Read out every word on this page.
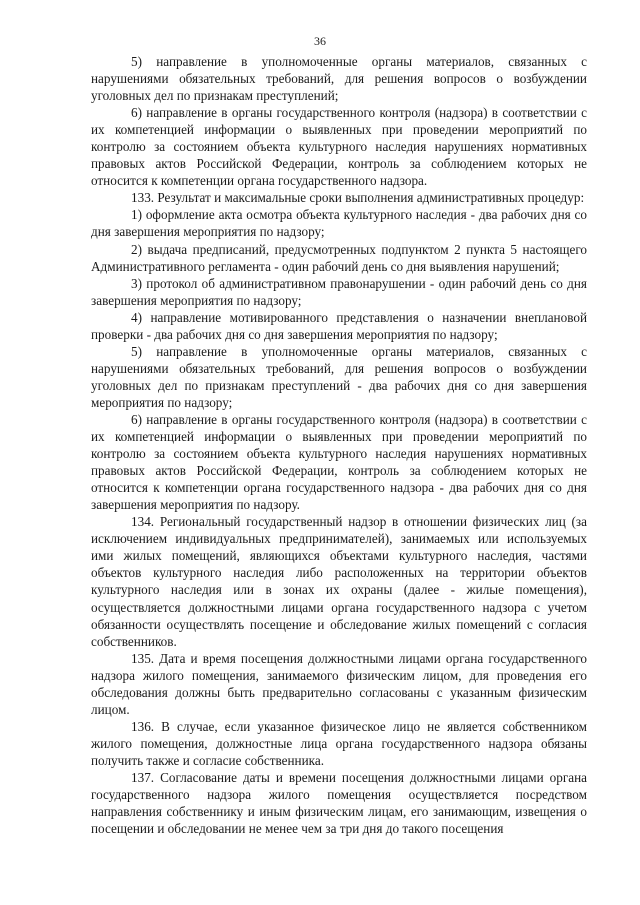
36

5) направление в уполномоченные органы материалов, связанных с нарушениями обязательных требований, для решения вопросов о возбуждении уголовных дел по признакам преступлений;

6) направление в органы государственного контроля (надзора) в соответствии с их компетенцией информации о выявленных при проведении мероприятий по контролю за состоянием объекта культурного наследия нарушениях нормативных правовых актов Российской Федерации, контроль за соблюдением которых не относится к компетенции органа государственного надзора.

133. Результат и максимальные сроки выполнения административных процедур:

1) оформление акта осмотра объекта культурного наследия - два рабочих дня со дня завершения мероприятия по надзору;

2) выдача предписаний, предусмотренных подпунктом 2 пункта 5 настоящего Административного регламента - один рабочий день со дня выявления нарушений;

3) протокол об административном правонарушении - один рабочий день со дня завершения мероприятия по надзору;

4) направление мотивированного представления о назначении внеплановой проверки - два рабочих дня со дня завершения мероприятия по надзору;

5) направление в уполномоченные органы материалов, связанных с нарушениями обязательных требований, для решения вопросов о возбуждении уголовных дел по признакам преступлений - два рабочих дня со дня завершения мероприятия по надзору;

6) направление в органы государственного контроля (надзора) в соответствии с их компетенцией информации о выявленных при проведении мероприятий по контролю за состоянием объекта культурного наследия нарушениях нормативных правовых актов Российской Федерации, контроль за соблюдением которых не относится к компетенции органа государственного надзора - два рабочих дня со дня завершения мероприятия по надзору.

134. Региональный государственный надзор в отношении физических лиц (за исключением индивидуальных предпринимателей), занимаемых или используемых ими жилых помещений, являющихся объектами культурного наследия, частями объектов культурного наследия либо расположенных на территории объектов культурного наследия или в зонах их охраны (далее - жилые помещения), осуществляется должностными лицами органа государственного надзора с учетом обязанности осуществлять посещение и обследование жилых помещений с согласия собственников.

135. Дата и время посещения должностными лицами органа государственного надзора жилого помещения, занимаемого физическим лицом, для проведения его обследования должны быть предварительно согласованы с указанным физическим лицом.

136. В случае, если указанное физическое лицо не является собственником жилого помещения, должностные лица органа государственного надзора обязаны получить также и согласие собственника.

137. Согласование даты и времени посещения должностными лицами органа государственного надзора жилого помещения осуществляется посредством направления собственнику и иным физическим лицам, его занимающим, извещения о посещении и обследовании не менее чем за три дня до такого посещения
